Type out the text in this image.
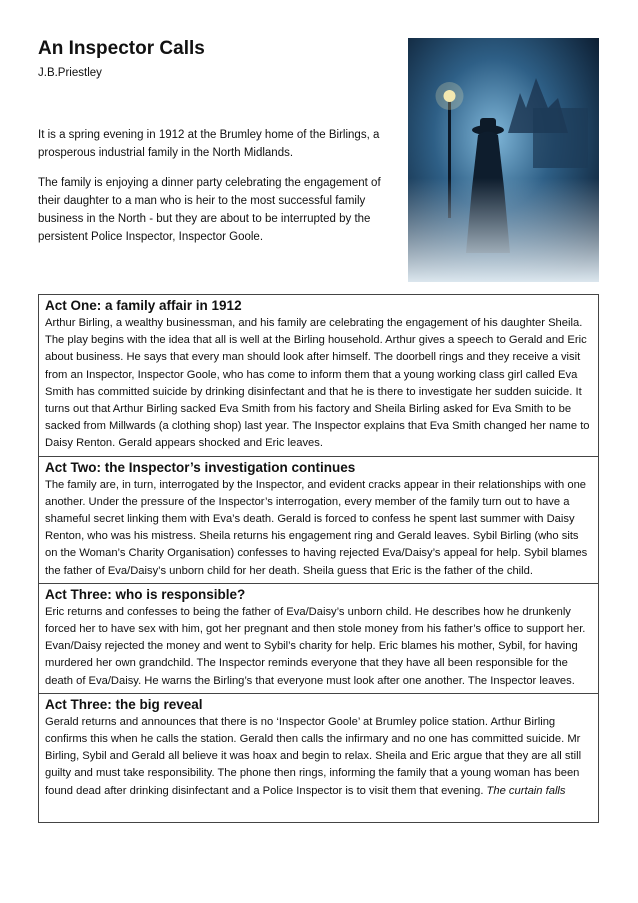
An Inspector Calls
J.B.Priestley

It is a spring evening in 1912 at the Brumley home of the Birlings, a prosperous industrial family in the North Midlands.

The family is enjoying a dinner party celebrating the engagement of their daughter to a man who is heir to the most successful family business in the North - but they are about to be interrupted by the persistent Police Inspector, Inspector Goole.

Act One: a family affair in 1912

Arthur Birling, a wealthy businessman, and his family are celebrating the engagement of his daughter Sheila. The play begins with the idea that all is well at the Birling household. Arthur gives a speech to Gerald and Eric about business. He says that every man should look after himself. The doorbell rings and they receive a visit from an Inspector, Inspector Goole, who has come to inform them that a young working class girl called Eva Smith has committed suicide by drinking disinfectant and that he is there to investigate her sudden suicide. It turns out that Arthur Birling sacked Eva Smith from his factory and Sheila Birling asked for Eva Smith to be sacked from Millwards (a clothing shop) last year. The Inspector explains that Eva Smith changed her name to Daisy Renton. Gerald appears shocked and Eric leaves.

Act Two: the Inspector’s investigation continues

The family are, in turn, interrogated by the Inspector, and evident cracks appear in their relationships with one another. Under the pressure of the Inspector’s interrogation, every member of the family turn out to have a shameful secret linking them with Eva’s death. Gerald is forced to confess he spent last summer with Daisy Renton, who was his mistress. Sheila returns his engagement ring and Gerald leaves. Sybil Birling (who sits on the Woman’s Charity Organisation) confesses to having rejected Eva/Daisy’s appeal for help. Sybil blames the father of Eva/Daisy’s unborn child for her death. Sheila guess that Eric is the father of the child.

Act Three: who is responsible?

Eric returns and confesses to being the father of Eva/Daisy’s unborn child. He describes how he drunkenly forced her to have sex with him, got her pregnant and then stole money from his father’s office to support her. Evan/Daisy rejected the money and went to Sybil’s charity for help. Eric blames his mother, Sybil, for having murdered her own grandchild. The Inspector reminds everyone that they have all been responsible for the death of Eva/Daisy. He warns the Birling’s that everyone must look after one another. The Inspector leaves.

Act Three: the big reveal

Gerald returns and announces that there is no ‘Inspector Goole’ at Brumley police station. Arthur Birling confirms this when he calls the station. Gerald then calls the infirmary and no one has committed suicide. Mr Birling, Sybil and Gerald all believe it was hoax and begin to relax. Sheila and Eric argue that they are all still guilty and must take responsibility. The phone then rings, informing the family that a young woman has been found dead after drinking disinfectant and a Police Inspector is to visit them that evening. The curtain falls
